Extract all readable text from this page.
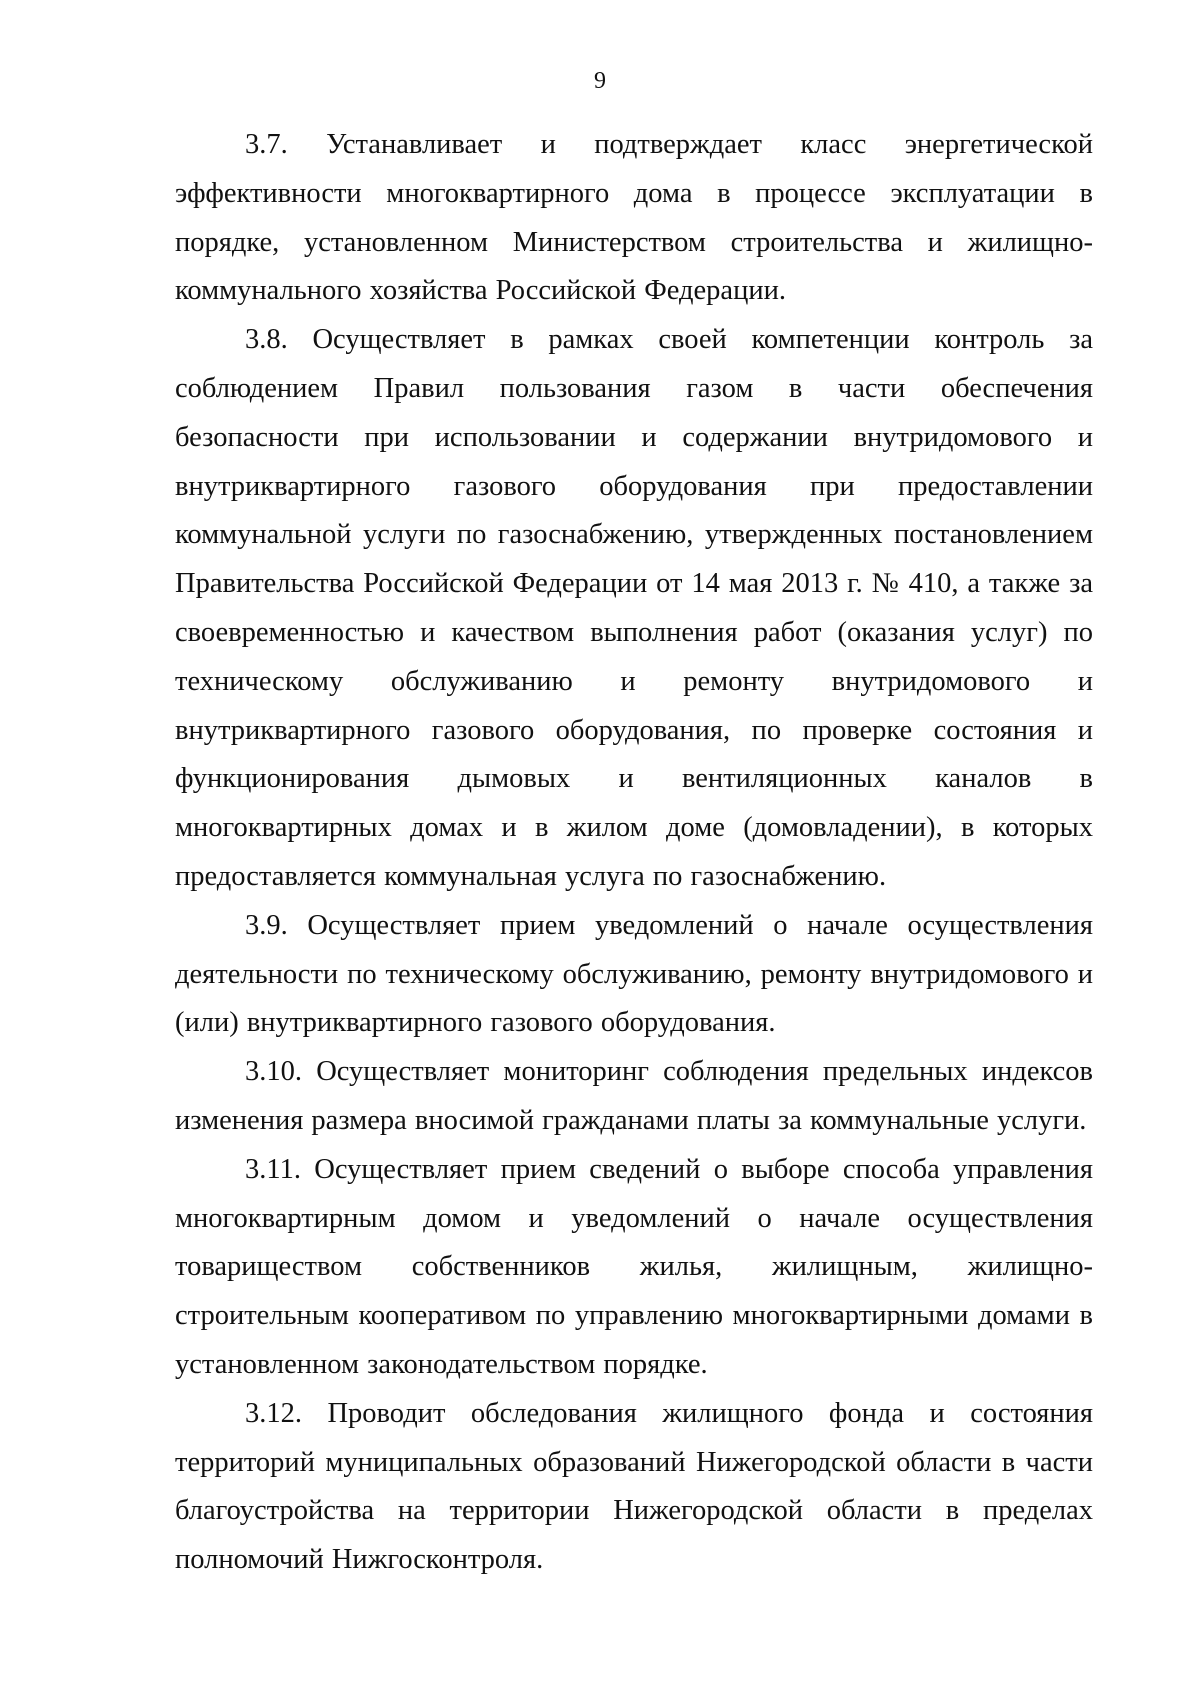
9

3.7. Устанавливает и подтверждает класс энергетической эффективности многоквартирного дома в процессе эксплуатации в порядке, установленном Министерством строительства и жилищно-коммунального хозяйства Российской Федерации.

3.8. Осуществляет в рамках своей компетенции контроль за соблюдением Правил пользования газом в части обеспечения безопасности при использовании и содержании внутридомового и внутриквартирного газового оборудования при предоставлении коммунальной услуги по газоснабжению, утвержденных постановлением Правительства Российской Федерации от 14 мая 2013 г. № 410, а также за своевременностью и качеством выполнения работ (оказания услуг) по техническому обслуживанию и ремонту внутридомового и внутриквартирного газового оборудования, по проверке состояния и функционирования дымовых и вентиляционных каналов в многоквартирных домах и в жилом доме (домовладении), в которых предоставляется коммунальная услуга по газоснабжению.

3.9. Осуществляет прием уведомлений о начале осуществления деятельности по техническому обслуживанию, ремонту внутридомового и (или) внутриквартирного газового оборудования.

3.10. Осуществляет мониторинг соблюдения предельных индексов изменения размера вносимой гражданами платы за коммунальные услуги.

3.11. Осуществляет прием сведений о выборе способа управления многоквартирным домом и уведомлений о начале осуществления товариществом собственников жилья, жилищным, жилищно-строительным кооперативом по управлению многоквартирными домами в установленном законодательством порядке.

3.12. Проводит обследования жилищного фонда и состояния территорий муниципальных образований Нижегородской области в части благоустройства на территории Нижегородской области в пределах полномочий Нижгосконтроля.
